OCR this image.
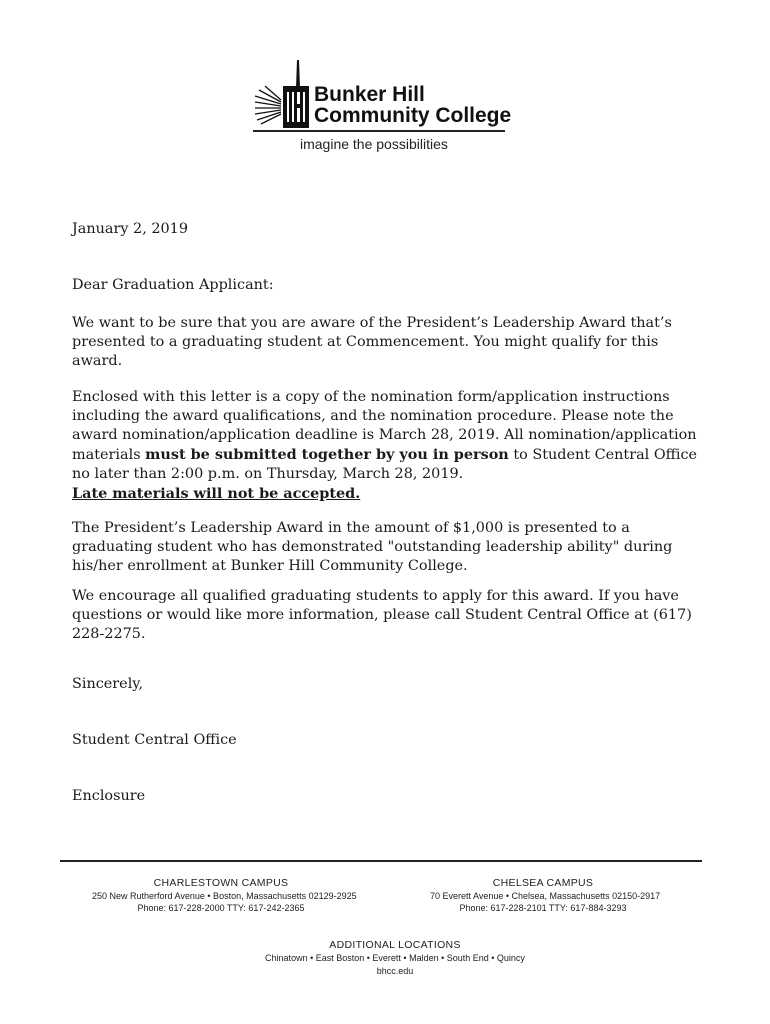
Bunker Hill
Community College
imagine the possibilities

January 2, 2019

Dear Graduation Applicant:

We want to be sure that you are aware of the President’s Leadership Award that’s presented to a graduating student at Commencement. You might qualify for this award.

Enclosed with this letter is a copy of the nomination form/application instructions including the award qualifications, and the nomination procedure. Please note the award nomination/application deadline is March 28, 2019. All nomination/application materials must be submitted together by you in person to Student Central Office no later than 2:00 p.m. on Thursday, March 28, 2019.
Late materials will not be accepted.

The President’s Leadership Award in the amount of $1,000 is presented to a graduating student who has demonstrated "outstanding leadership ability" during his/her enrollment at Bunker Hill Community College.

We encourage all qualified graduating students to apply for this award. If you have questions or would like more information, please call Student Central Office at (617) 228-2275.

Sincerely,

Student Central Office

Enclosure

CHARLESTOWN CAMPUS
250 New Rutherford Avenue • Boston, Massachusetts 02129-2925
Phone: 617-228-2000 TTY: 617-242-2365
CHELSEA CAMPUS
70 Everett Avenue • Chelsea, Massachusetts 02150-2917
Phone: 617-228-2101 TTY: 617-884-3293
ADDITIONAL LOCATIONS
Chinatown • East Boston • Everett • Malden • South End • Quincy
bhcc.edu
